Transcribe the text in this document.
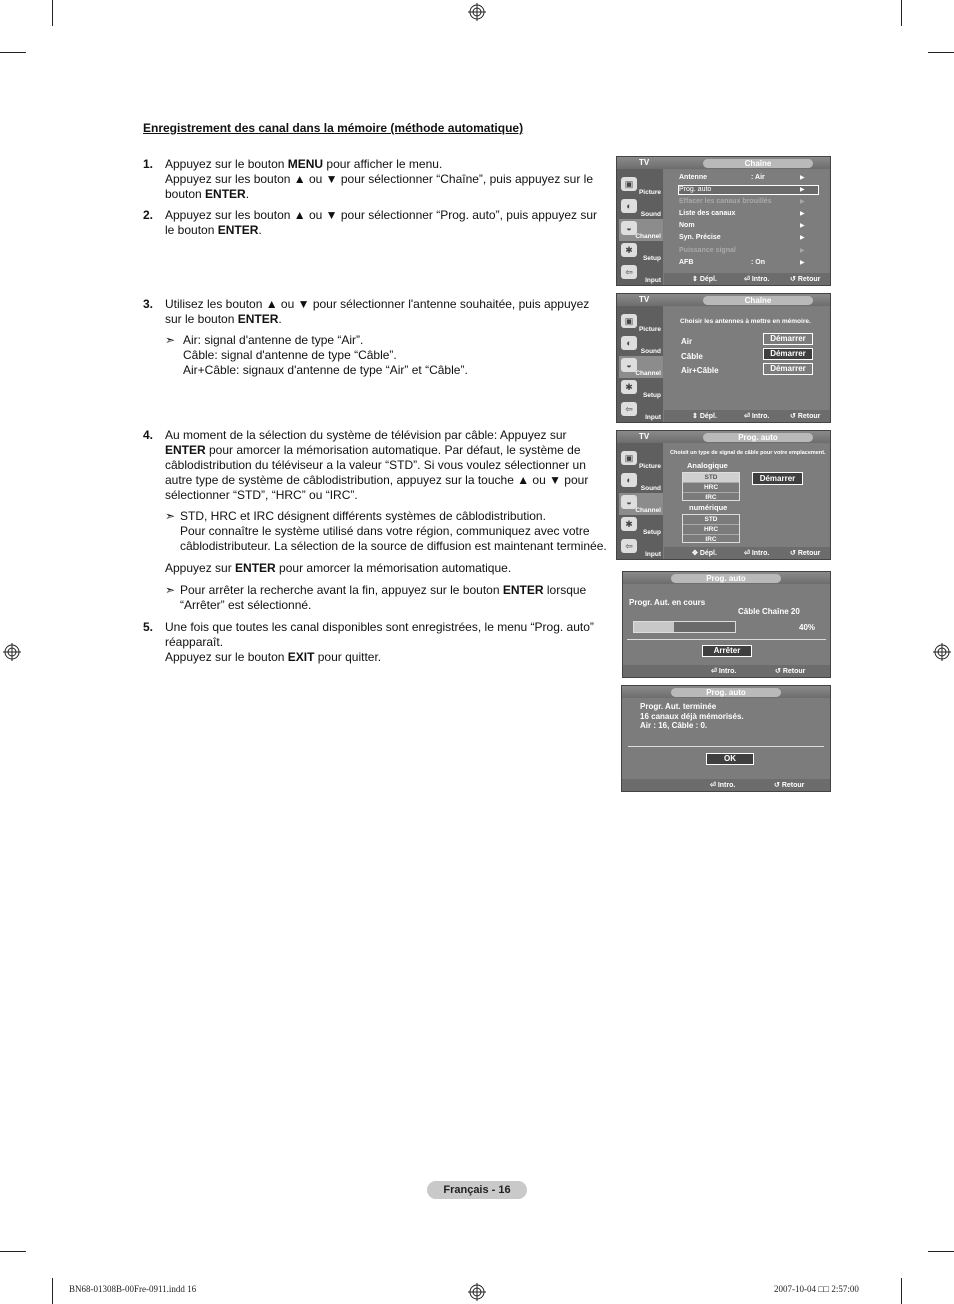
Enregistrement des canal dans la mémoire (méthode automatique)
1. Appuyez sur le bouton MENU pour afficher le menu.
Appuyez sur les bouton ▲ ou ▼ pour sélectionner “Chaîne”, puis appuyez sur le bouton ENTER.
2. Appuyez sur les bouton ▲ ou ▼ pour sélectionner “Prog. auto”, puis appuyez sur le bouton ENTER.
3. Utilisez les bouton ▲ ou ▼ pour sélectionner l'antenne souhaitée, puis appuyez sur le bouton ENTER.
➣ Air: signal d'antenne de type “Air”.
Câble: signal d'antenne de type “Câble”.
Air+Câble: signaux d'antenne de type “Air” et “Câble”.
4. Au moment de la sélection du système de télévision par câble: Appuyez sur ENTER pour amorcer la mémorisation automatique. Par défaut, le système de câblodistribution du téléviseur a la valeur “STD”. Si vous voulez sélectionner un autre type de système de câblodistribution, appuyez sur la touche ▲ ou ▼ pour sélectionner “STD”, “HRC” ou “IRC”.
➣ STD, HRC et IRC désignent différents systèmes de câblodistribution.
Pour connaître le système utilisé dans votre région, communiquez avec votre câblodistributeur. La sélection de la source de diffusion est maintenant terminée.
Appuyez sur ENTER pour amorcer la mémorisation automatique.
➣ Pour arrêter la recherche avant la fin, appuyez sur le bouton ENTER lorsque “Arrêter” est sélectionné.
5. Une fois que toutes les canal disponibles sont enregistrées, le menu “Prog. auto” réapparaît.
Appuyez sur le bouton EXIT pour quitter.
TV	Chaîne
▣
Picture
◐
Sound
◒
Channel
✱
Setup
⇦
Input
Antenne	: Air
Prog. auto
Effacer les canaux brouillés
Liste des canaux
Nom
Syn. Précise
Puissance signal
AFB	: On
▶
▶
▶
▶
▶
▶
▶
▶
⇕ Dépl.	⏎ Intro.	↺ Retour
TV	Chaîne
▣
Picture
◐
Sound
◒
Channel
✱
Setup
⇦
Input
Choisir les antennes à mettre en mémoire.
Air
Câble
Air+Câble
Démarrer
Démarrer
Démarrer
⇕ Dépl.	⏎ Intro.	↺ Retour
TV	Prog. auto
▣
Picture
◐
Sound
◒
Channel
✱
Setup
⇦
Input
Choisit un type de signal de câble pour votre emplacement.
Analogique
STD
HRC
IRC
numérique
STD
HRC
IRC
Démarrer
✥ Dépl.	⏎ Intro.	↺ Retour
Prog. auto
Progr. Aut. en cours
Câble Chaîne 20
40%
Arrêter
⏎ Intro.	↺ Retour
Prog. auto
Progr. Aut. terminée
16 canaux déjà mémorisés.
Air : 16, Câble : 0.
OK
⏎ Intro.	↺ Retour
Français - 16
BN68-01308B-00Fre-0911.indd 16	2007-10-04 □□ 2:57:00
